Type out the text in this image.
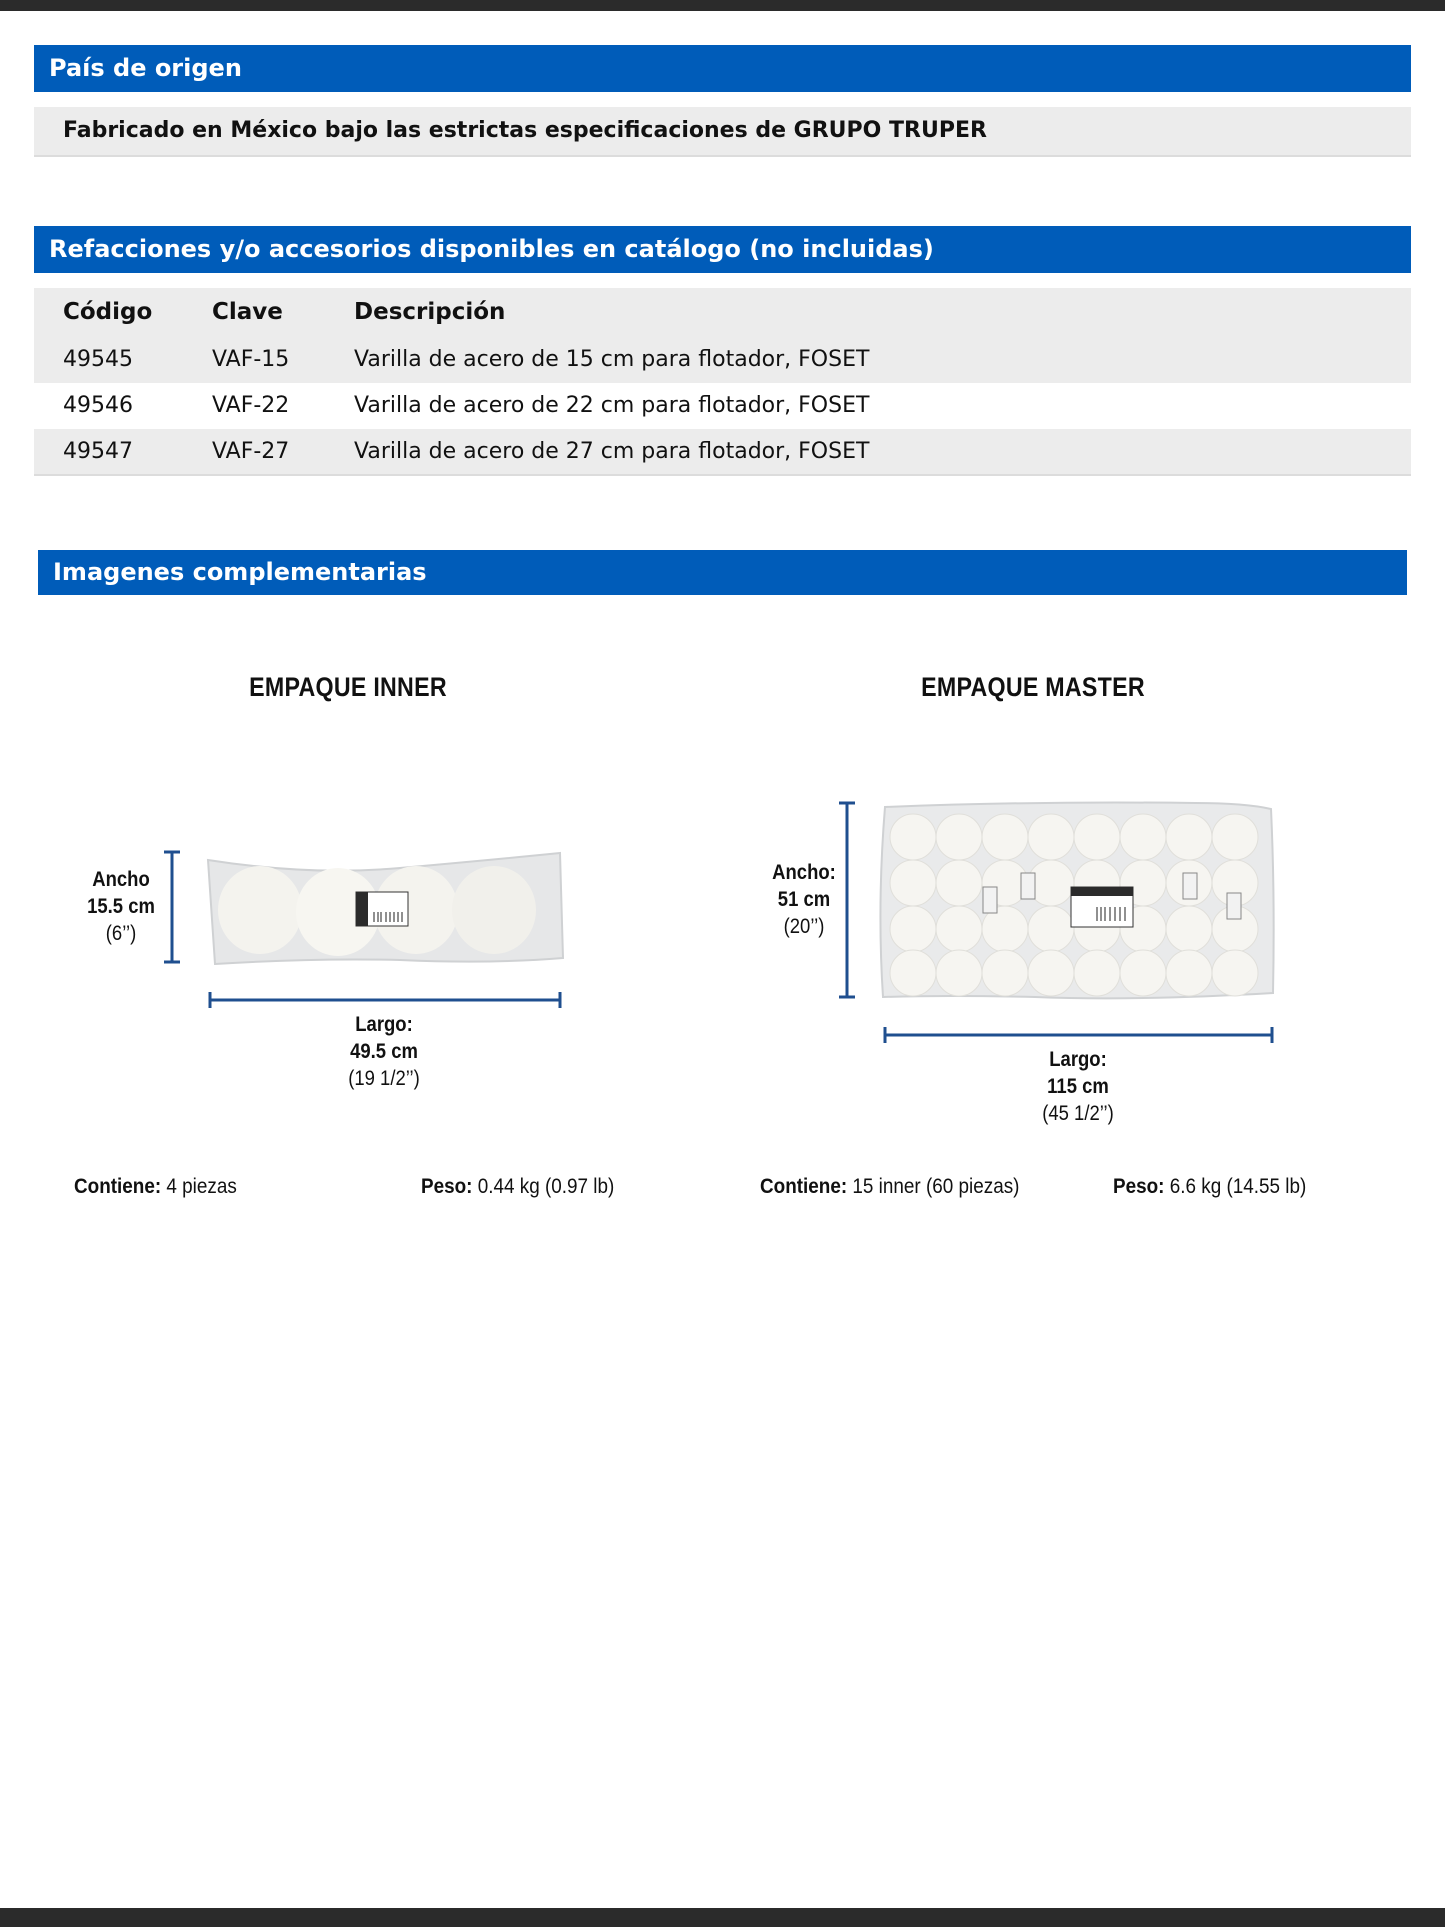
País de origen
Fabricado en México bajo las estrictas especificaciones de GRUPO TRUPER
Refacciones y/o accesorios disponibles en catálogo (no incluidas)
Código	Clave	Descripción
49545	VAF-15	Varilla de acero de 15 cm para flotador, FOSET
49546	VAF-22	Varilla de acero de 22 cm para flotador, FOSET
49547	VAF-27	Varilla de acero de 27 cm para flotador, FOSET
Imagenes complementarias
EMPAQUE INNER	EMPAQUE MASTER
Ancho
15.5 cm
(6’’)
Largo:
49.5 cm
(19 1/2’’)
Ancho:
51 cm
(20’’)
Largo:
115 cm
(45 1/2’’)
Contiene: 4 piezas	Peso: 0.44 kg (0.97 lb)	Contiene: 15 inner (60 piezas)	Peso: 6.6 kg (14.55 lb)
